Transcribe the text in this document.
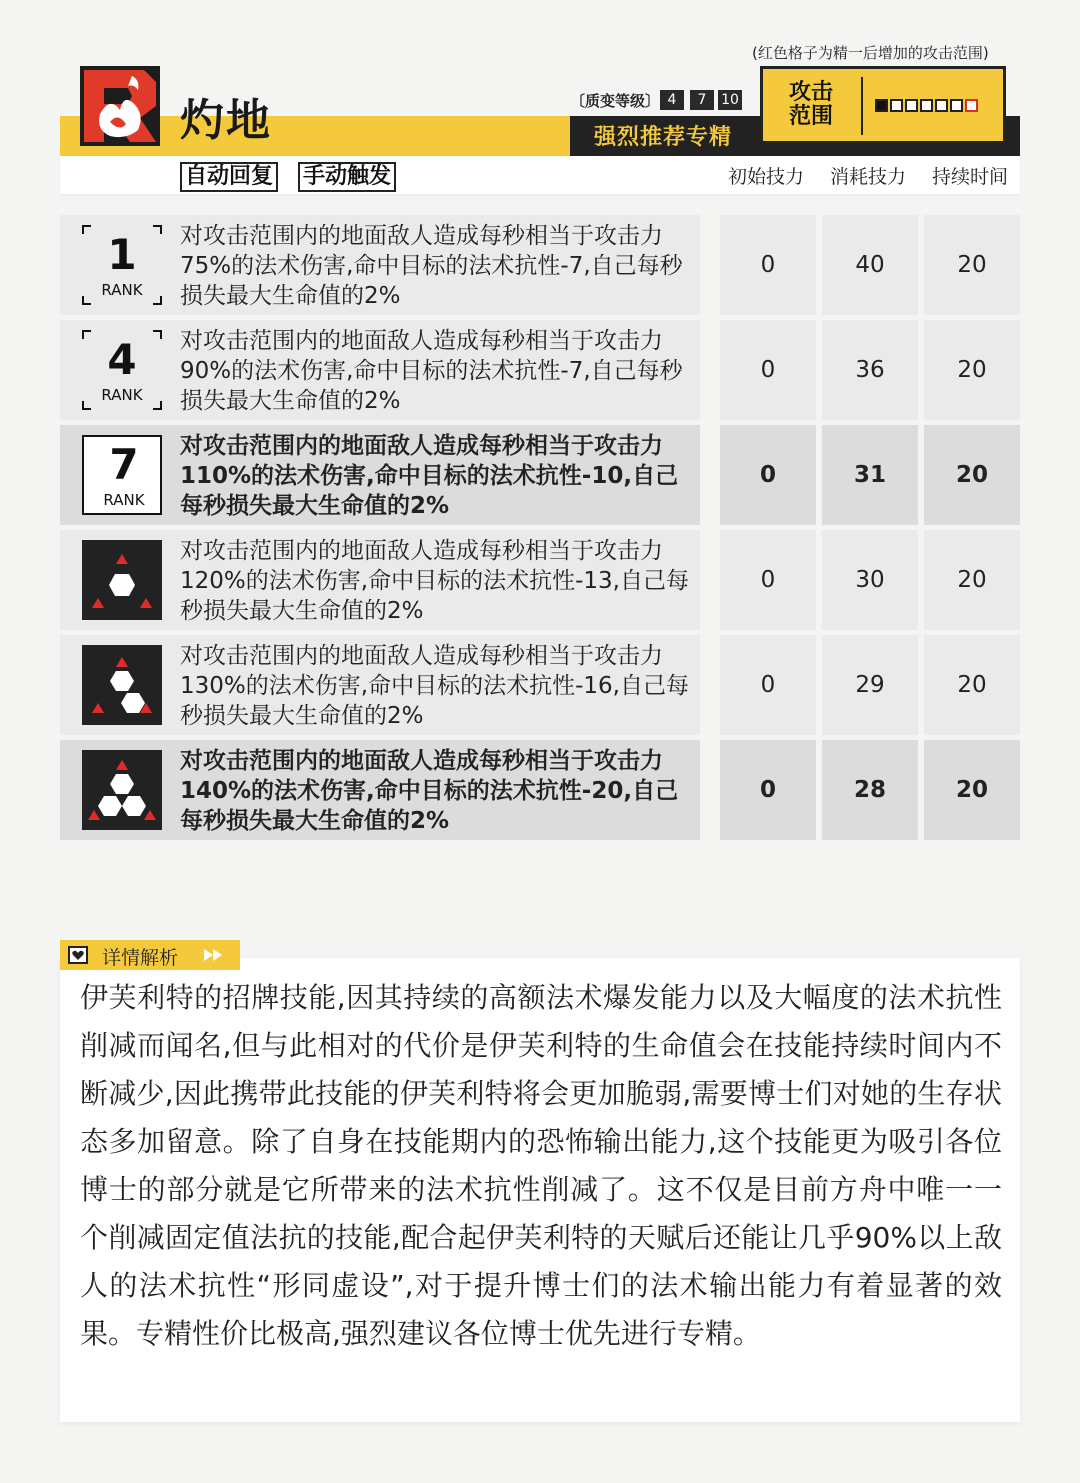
(红色格子为精一后增加的攻击范围)
灼地
自动回复 手动触发
〔质变等级〕 4	7	10
强烈推荐专精
攻击范围
初始技力 消耗技力 持续时间
1
RANK
对攻击范围内的地面敌人造成每秒相当于攻击力75%的法术伤害,命中目标的法术抗性-7,自己每秒损失最大生命值的2%
0	40	20
4
RANK
对攻击范围内的地面敌人造成每秒相当于攻击力90%的法术伤害,命中目标的法术抗性-7,自己每秒损失最大生命值的2%
0	36	20
7
RANK
对攻击范围内的地面敌人造成每秒相当于攻击力110%的法术伤害,命中目标的法术抗性-10,自己每秒损失最大生命值的2%
0	31	20
对攻击范围内的地面敌人造成每秒相当于攻击力120%的法术伤害,命中目标的法术抗性-13,自己每秒损失最大生命值的2%
0	30	20
对攻击范围内的地面敌人造成每秒相当于攻击力130%的法术伤害,命中目标的法术抗性-16,自己每秒损失最大生命值的2%
0	29	20
对攻击范围内的地面敌人造成每秒相当于攻击力140%的法术伤害,命中目标的法术抗性-20,自己每秒损失最大生命值的2%
0	28	20
详情解析
伊芙利特的招牌技能,因其持续的高额法术爆发能力以及大幅度的法术抗性削减而闻名,但与此相对的代价是伊芙利特的生命值会在技能持续时间内不断减少,因此携带此技能的伊芙利特将会更加脆弱,需要博士们对她的生存状态多加留意。除了自身在技能期内的恐怖输出能力,这个技能更为吸引各位博士的部分就是它所带来的法术抗性削减了。这不仅是目前方舟中唯一一个削减固定值法抗的技能,配合起伊芙利特的天赋后还能让几乎90%以上敌人的法术抗性“形同虚设”,对于提升博士们的法术输出能力有着显著的效果。专精性价比极高,强烈建议各位博士优先进行专精。
